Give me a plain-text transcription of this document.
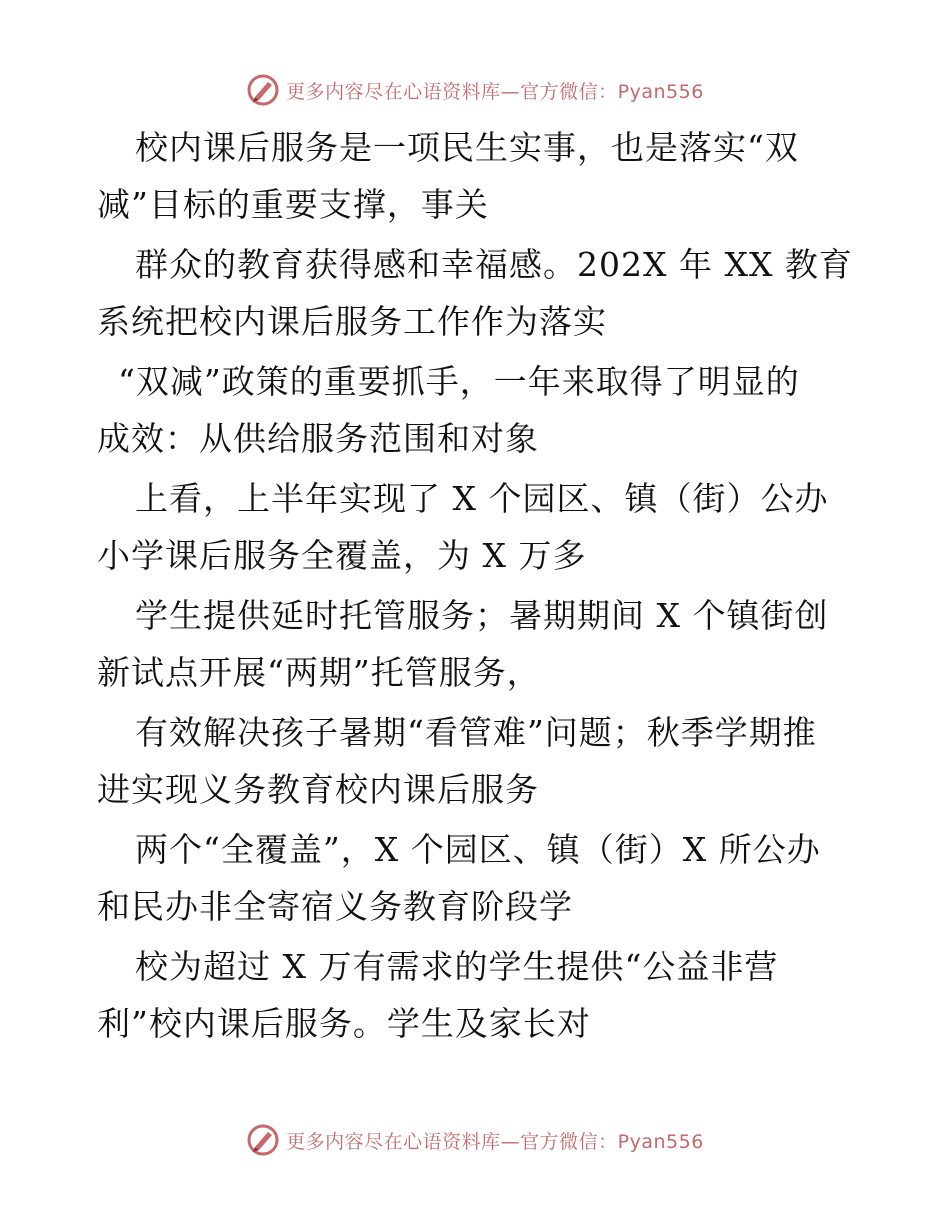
更多内容尽在心语资料库—官方微信：Pyan556
校内课后服务是一项民生实事，也是落实“双
减”目标的重要支撑，事关
群众的教育获得感和幸福感。202X 年 XX 教育
系统把校内课后服务工作作为落实
“双减”政策的重要抓手，一年来取得了明显的
成效：从供给服务范围和对象
上看，上半年实现了 X 个园区、镇（街）公办
小学课后服务全覆盖，为 X 万多
学生提供延时托管服务；暑期期间 X 个镇街创
新试点开展“两期”托管服务，
有效解决孩子暑期“看管难”问题；秋季学期推
进实现义务教育校内课后服务
两个“全覆盖”，X 个园区、镇（街）X 所公办
和民办非全寄宿义务教育阶段学
校为超过 X 万有需求的学生提供“公益非营
利”校内课后服务。学生及家长对
更多内容尽在心语资料库—官方微信：Pyan556
